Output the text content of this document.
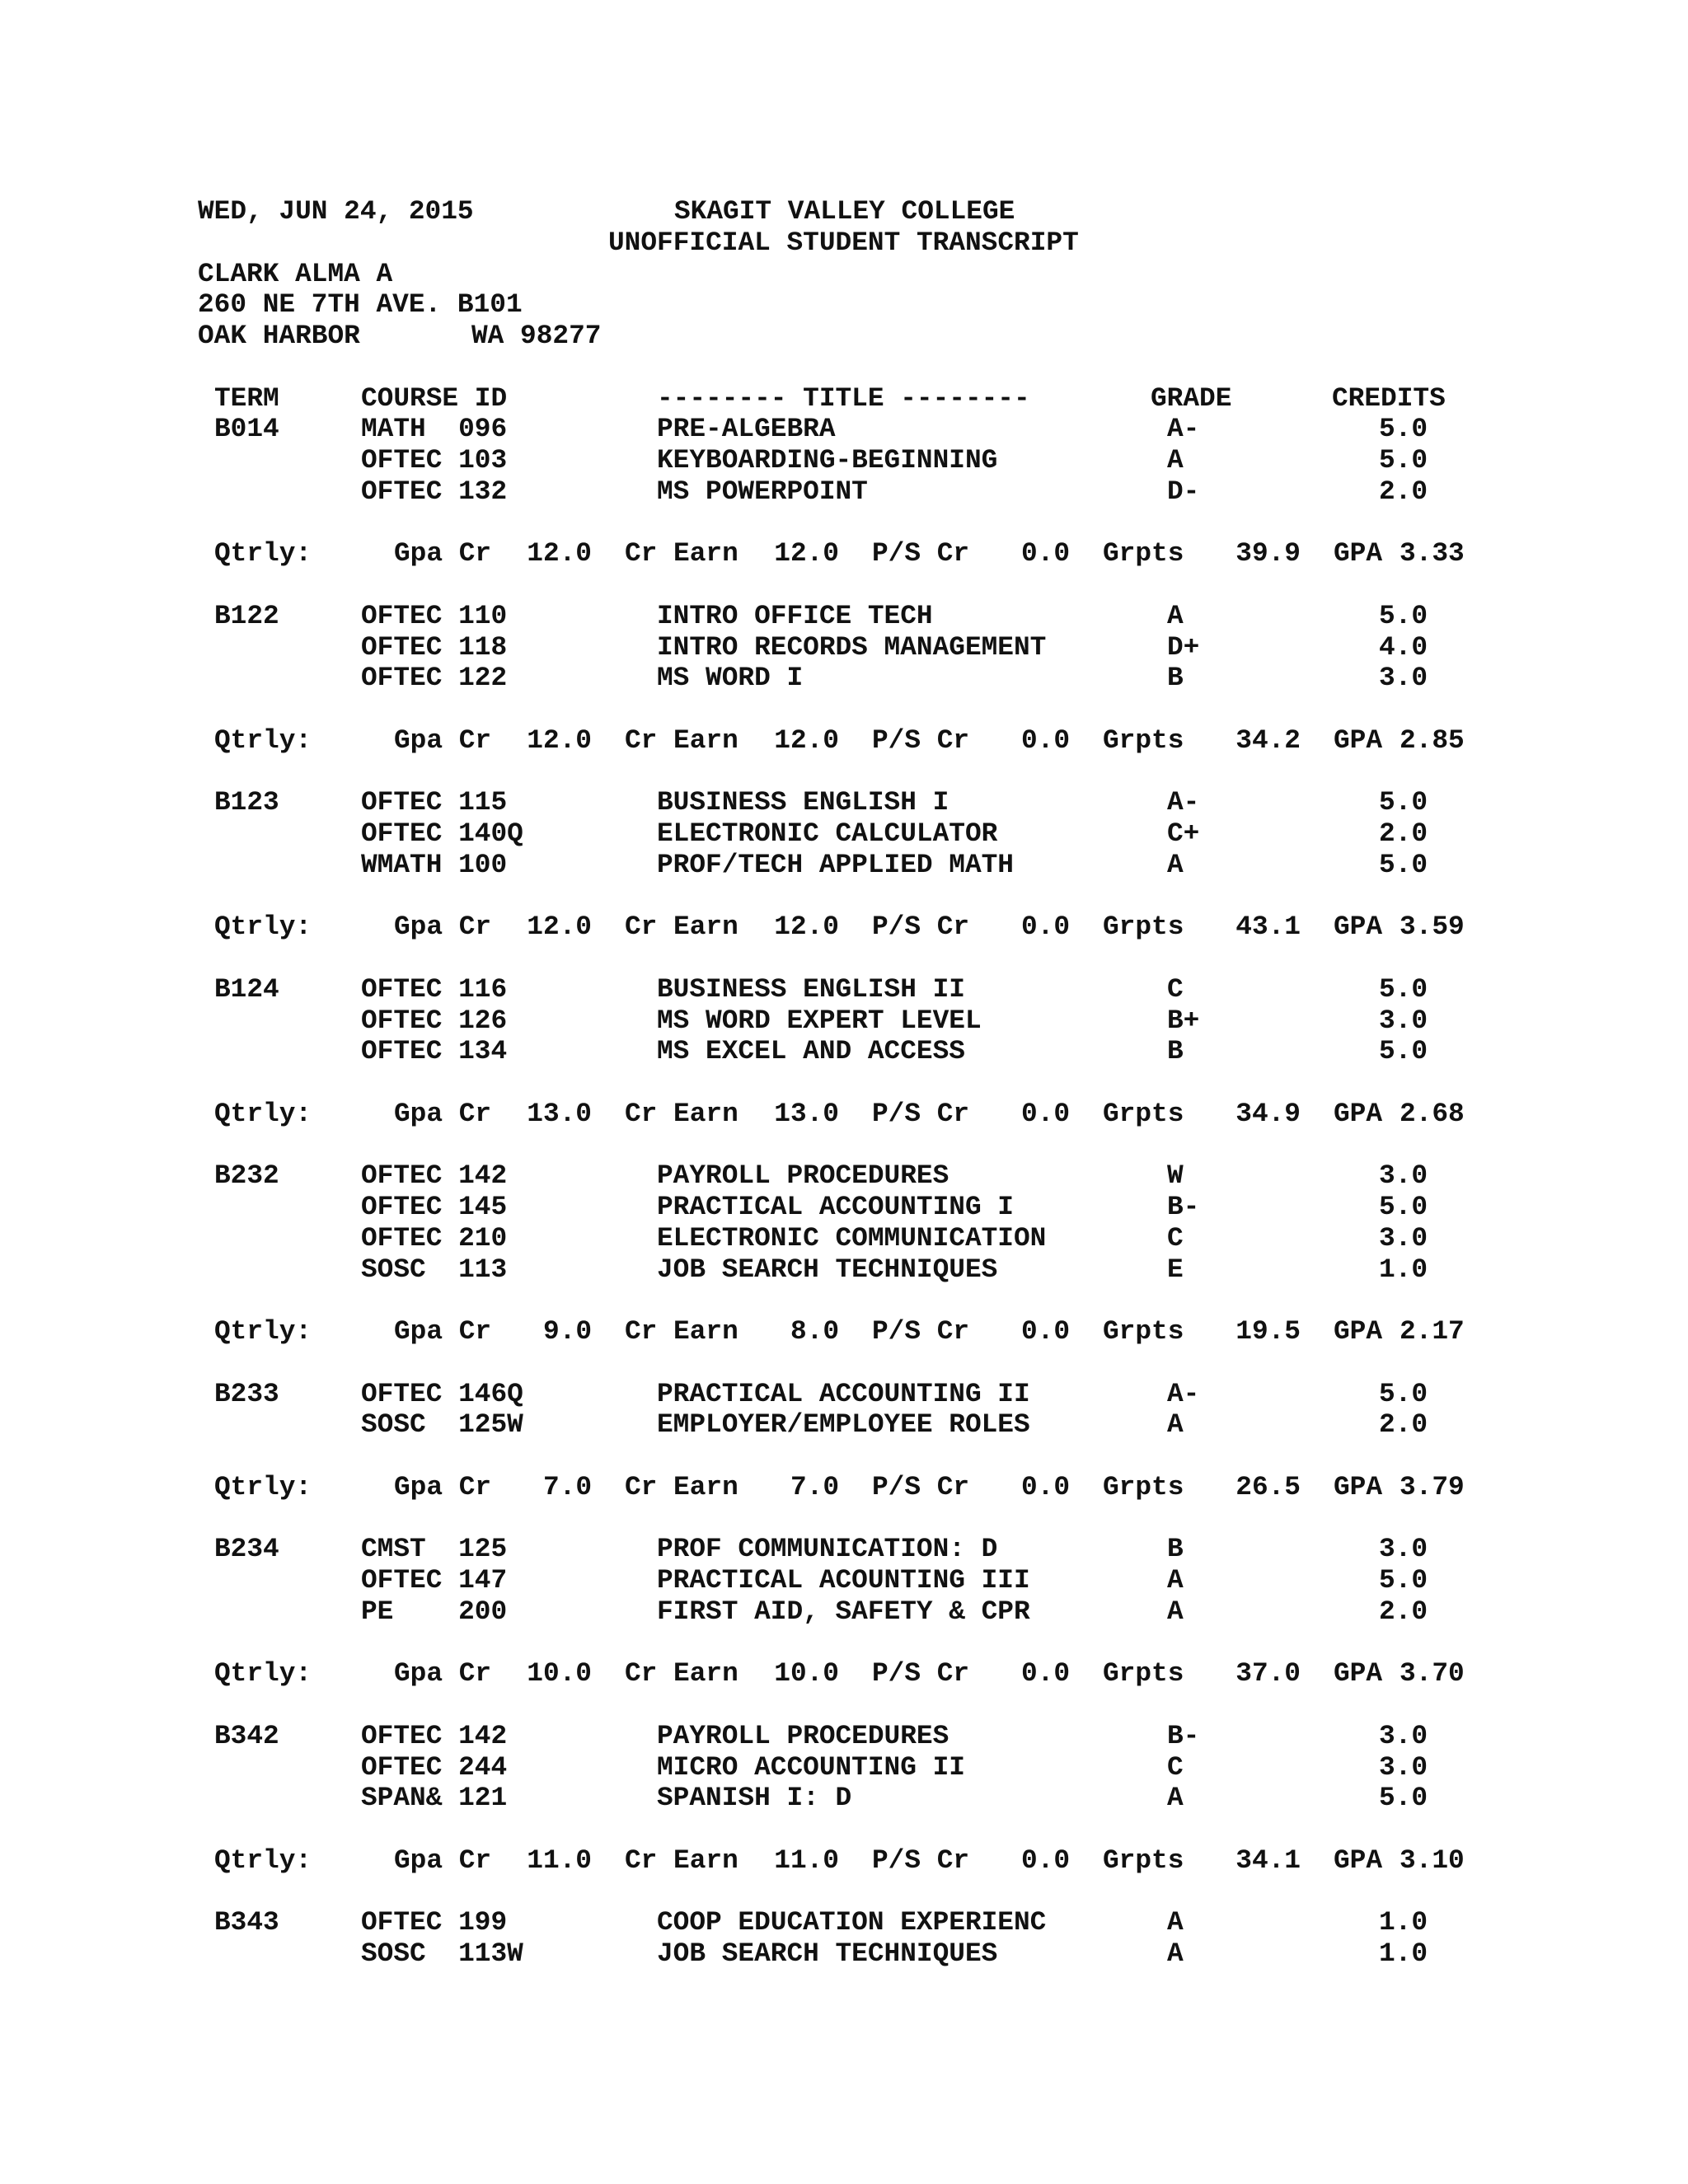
WED, JUN 24, 2015	SKAGIT VALLEY COLLEGE
UNOFFICIAL STUDENT TRANSCRIPT
CLARK ALMA A
260 NE 7TH AVE. B101
OAK HARBOR	WA 98277
TERM	COURSE ID	-------- TITLE --------	GRADE	CREDITS
B014	MATH  096	PRE-ALGEBRA	A-	5.0
OFTEC 103	KEYBOARDING-BEGINNING	A	5.0
OFTEC 132	MS POWERPOINT	D-	2.0
Qtrly:	Gpa Cr	12.0 Cr Earn	12.0 P/S Cr	0.0 Grpts	39.9 GPA 3.33
B122	OFTEC 110	INTRO OFFICE TECH	A	5.0
OFTEC 118	INTRO RECORDS MANAGEMENT	D+	4.0
OFTEC 122	MS WORD I	B	3.0
Qtrly:	Gpa Cr	12.0 Cr Earn	12.0 P/S Cr	0.0 Grpts	34.2 GPA 2.85
B123	OFTEC 115	BUSINESS ENGLISH I	A-	5.0
OFTEC 140Q	ELECTRONIC CALCULATOR	C+	2.0
WMATH 100	PROF/TECH APPLIED MATH	A	5.0
Qtrly:	Gpa Cr	12.0 Cr Earn	12.0 P/S Cr	0.0 Grpts	43.1 GPA 3.59
B124	OFTEC 116	BUSINESS ENGLISH II	C	5.0
OFTEC 126	MS WORD EXPERT LEVEL	B+	3.0
OFTEC 134	MS EXCEL AND ACCESS	B	5.0
Qtrly:	Gpa Cr	13.0 Cr Earn	13.0 P/S Cr	0.0 Grpts	34.9 GPA 2.68
B232	OFTEC 142	PAYROLL PROCEDURES	W	3.0
OFTEC 145	PRACTICAL ACCOUNTING I	B-	5.0
OFTEC 210	ELECTRONIC COMMUNICATION	C	3.0
SOSC  113	JOB SEARCH TECHNIQUES	E	1.0
Qtrly:	Gpa Cr	9.0 Cr Earn	8.0 P/S Cr	0.0 Grpts	19.5 GPA 2.17
B233	OFTEC 146Q	PRACTICAL ACCOUNTING II	A-	5.0
SOSC  125W	EMPLOYER/EMPLOYEE ROLES	A	2.0
Qtrly:	Gpa Cr	7.0 Cr Earn	7.0 P/S Cr	0.0 Grpts	26.5 GPA 3.79
B234	CMST  125	PROF COMMUNICATION: D	B	3.0
OFTEC 147	PRACTICAL ACOUNTING III	A	5.0
PE    200	FIRST AID, SAFETY & CPR	A	2.0
Qtrly:	Gpa Cr	10.0 Cr Earn	10.0 P/S Cr	0.0 Grpts	37.0 GPA 3.70
B342	OFTEC 142	PAYROLL PROCEDURES	B-	3.0
OFTEC 244	MICRO ACCOUNTING II	C	3.0
SPAN& 121	SPANISH I: D	A	5.0
Qtrly:	Gpa Cr	11.0 Cr Earn	11.0 P/S Cr	0.0 Grpts	34.1 GPA 3.10
B343	OFTEC 199	COOP EDUCATION EXPERIENC	A	1.0
SOSC  113W	JOB SEARCH TECHNIQUES	A	1.0
